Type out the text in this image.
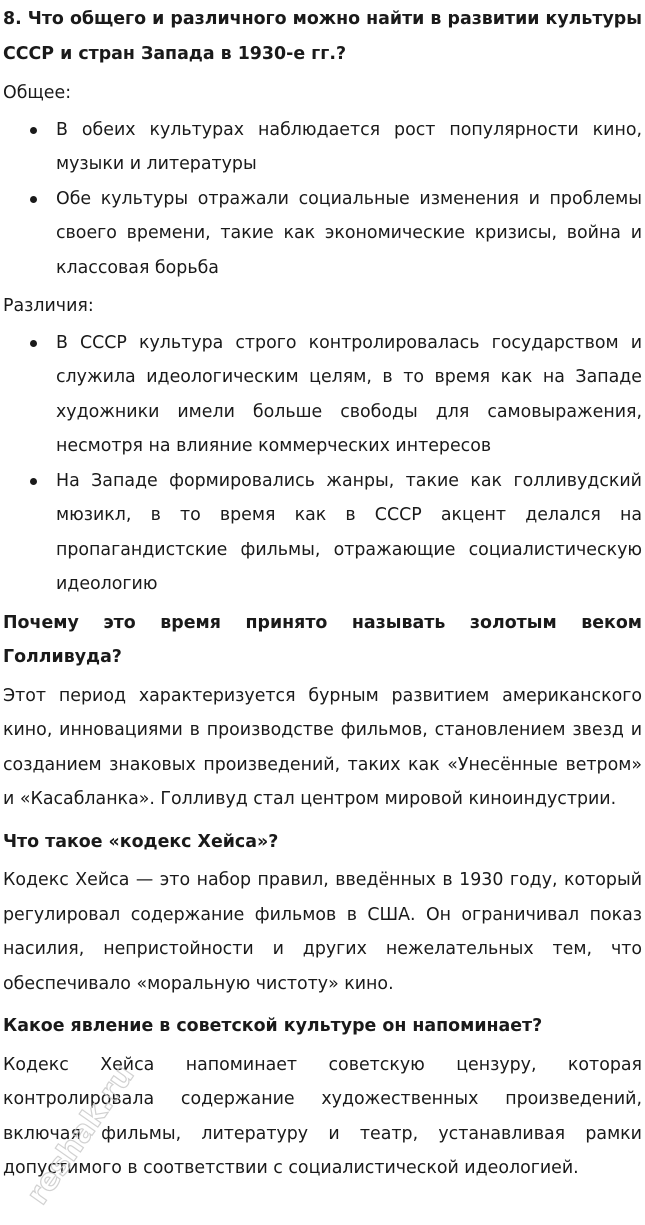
8. Что общего и различного можно найти в развитии культуры СССР и стран Запада в 1930-е гг.?
Общее:
В обеих культурах наблюдается рост популярности кино, музыки и литературы
Обе культуры отражали социальные изменения и проблемы своего времени, такие как экономические кризисы, война и классовая борьба
Различия:
В СССР культура строго контролировалась государством и служила идеологическим целям, в то время как на Западе художники имели больше свободы для самовыражения, несмотря на влияние коммерческих интересов
На Западе формировались жанры, такие как голливудский мюзикл, в то время как в СССР акцент делался на пропагандистские фильмы, отражающие социалистическую идеологию
Почему это время принято называть золотым веком Голливуда?

Этот период характеризуется бурным развитием американского кино, инновациями в производстве фильмов, становлением звезд и созданием знаковых произведений, таких как «Унесённые ветром» и «Касабланка». Голливуд стал центром мировой киноиндустрии.

Что такое «кодекс Хейса»?

Кодекс Хейса — это набор правил, введённых в 1930 году, который регулировал содержание фильмов в США. Он ограничивал показ насилия, непристойности и других нежелательных тем, что обеспечивало «моральную чистоту» кино.

Какое явление в советской культуре он напоминает?

Кодекс Хейса напоминает советскую цензуру, которая контролировала содержание художественных произведений, включая фильмы, литературу и театр, устанавливая рамки допустимого в соответствии с социалистической идеологией.

reshak.ru
